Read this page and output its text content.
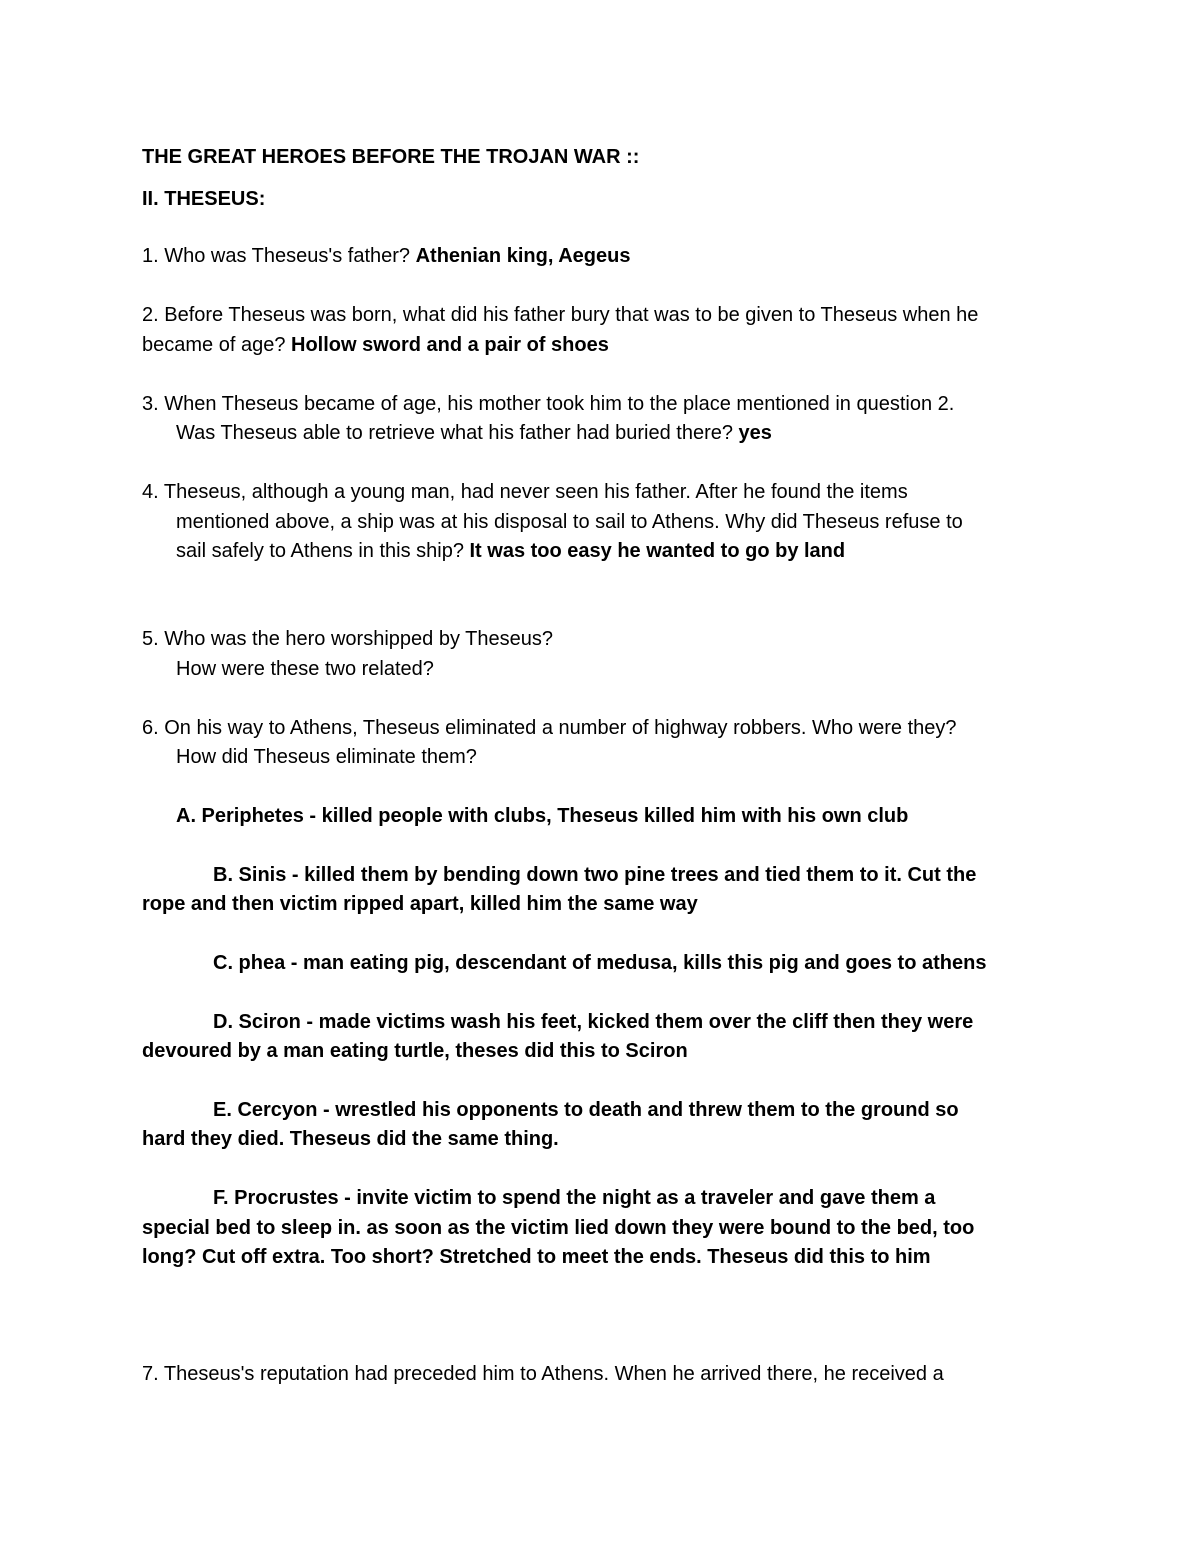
THE GREAT HEROES BEFORE THE TROJAN WAR ::

II. THESEUS:

1. Who was Theseus's father? Athenian king, Aegeus

2. Before Theseus was born, what did his father bury that was to be given to Theseus when he

became of age? Hollow sword and a pair of shoes

3. When Theseus became of age, his mother took him to the place mentioned in question 2.

Was Theseus able to retrieve what his father had buried there? yes

4. Theseus, although a young man, had never seen his father. After he found the items

mentioned above, a ship was at his disposal to sail to Athens. Why did Theseus refuse to

sail safely to Athens in this ship? It was too easy he wanted to go by land

5. Who was the hero worshipped by Theseus?

How were these two related?

6. On his way to Athens, Theseus eliminated a number of highway robbers. Who were they?

How did Theseus eliminate them?

A. Periphetes - killed people with clubs, Theseus killed him with his own club

B. Sinis - killed them by bending down two pine trees and tied them to it. Cut the

rope and then victim ripped apart, killed him the same way

C. phea - man eating pig, descendant of medusa, kills this pig and goes to athens

D. Sciron - made victims wash his feet, kicked them over the cliff then they were

devoured by a man eating turtle, theses did this to Sciron

E. Cercyon - wrestled his opponents to death and threw them to the ground so

hard they died. Theseus did the same thing.

F. Procrustes - invite victim to spend the night as a traveler and gave them a

special bed to sleep in. as soon as the victim lied down they were bound to the bed, too

long? Cut off extra. Too short? Stretched to meet the ends. Theseus did this to him

7. Theseus's reputation had preceded him to Athens. When he arrived there, he received a
